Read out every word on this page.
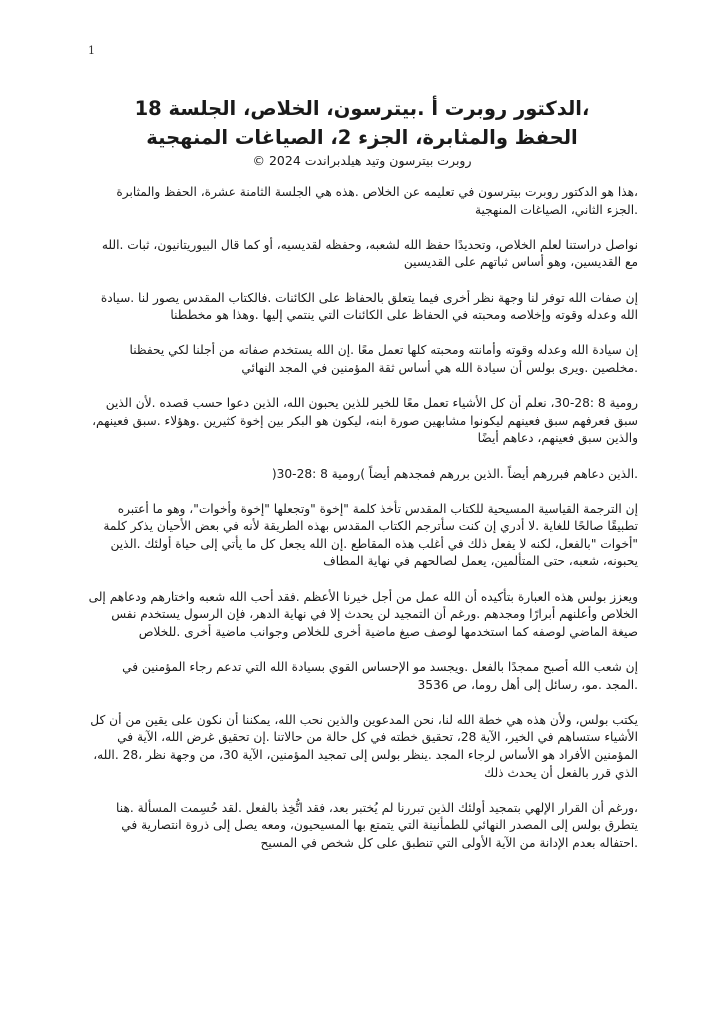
1
،الدكتور روبرت أ .بيترسون، الخلاص، الجلسة 18
الحفظ والمثابرة، الجزء 2، الصياغات المنهجية
روبرت بيترسون وتيد هيلدبراندت 2024 ©

،هذا هو الدكتور روبرت بيترسون في تعليمه عن الخلاص .هذه هي الجلسة الثامنة عشرة، الحفظ والمثابرة .الجزء الثاني، الصياغات المنهجية

نواصل دراستنا لعلم الخلاص، وتحديدًا حفظ الله لشعبه، وحفظه لقديسيه، أو كما قال البيوريتانيون، ثبات .الله مع القديسين، وهو أساس ثباتهم على القديسين

إن صفات الله توفر لنا وجهة نظر أخرى فيما يتعلق بالحفاظ على الكائنات .فالكتاب المقدس يصور لنا .سيادة الله وعدله وقوته وإخلاصه ومحبته في الحفاظ على الكائنات التي ينتمي إليها .وهذا هو مخططنا

إن سيادة الله وعدله وقوته وأمانته ومحبته كلها تعمل معًا .إن الله يستخدم صفاته من أجلنا لكي يحفظنا .مخلصين .ويرى بولس أن سيادة الله هي أساس ثقة المؤمنين في المجد النهائي

رومية 8 :28-30، نعلم أن كل الأشياء تعمل معًا للخير للذين يحبون الله، الذين دعوا حسب قصده .لأن الذين سبق فعرفهم سبق فعينهم ليكونوا مشابهين صورة ابنه، ليكون هو البكر بين إخوة كثيرين .وهؤلاء .سبق فعينهم، والذين سبق فعينهم، دعاهم أيضًا

.الذين دعاهم فبررهم أيضاً .الذين بررهم فمجدهم أيضاً )رومية 8 :28-30(

إن الترجمة القياسية المسيحية للكتاب المقدس تأخذ كلمة "إخوة "وتجعلها "إخوة وأخوات"، وهو ما أعتبره تطبيقًا صالحًا للغاية .لا أدري إن كنت سأترجم الكتاب المقدس بهذه الطريقة لأنه في بعض الأحيان يذكر كلمة "أخوات "بالفعل، لكنه لا يفعل ذلك في أغلب هذه المقاطع .إن الله يجعل كل ما يأتي إلى حياة أولئك .الذين يحبونه، شعبه، حتى المتألمين، يعمل لصالحهم في نهاية المطاف

ويعزز بولس هذه العبارة بتأكيده أن الله عمل من أجل خيرنا الأعظم .فقد أحب الله شعبه واختارهم ودعاهم إلى الخلاص وأعلنهم أبرارًا ومجدهم .ورغم أن التمجيد لن يحدث إلا في نهاية الدهر، فإن الرسول يستخدم نفس صيغة الماضي لوصفه كما استخدمها لوصف صيغ ماضية أخرى للخلاص وجوانب ماضية أخرى .للخلاص

إن شعب الله أصبح ممجدًا بالفعل .ويجسد مو الإحساس القوي بسيادة الله التي تدعم رجاء المؤمنين في .المجد .مو، رسائل إلى أهل روما، ص 3536

يكتب بولس، ولأن هذه هي خطة الله لنا، نحن المدعوين والذين نحب الله، يمكننا أن نكون على يقين من أن كل الأشياء ستساهم في الخير، الآية 28، تحقيق خطته في كل حالة من حالاتنا .إن تحقيق غرض الله، الآية في المؤمنين الأفراد هو الأساس لرجاء المجد .ينظر بولس إلى تمجيد المؤمنين، الآية 30، من وجهة نظر ،28 .الله، الذي قرر بالفعل أن يحدث ذلك

،ورغم أن القرار الإلهي بتمجيد أولئك الذين تبررنا لم يُختبر بعد، فقد اتُّخِذ بالفعل .لقد حُسِمت المسألة .هنا يتطرق بولس إلى المصدر النهائي للطمأنينة التي يتمتع بها المسيحيون، ومعه يصل إلى ذروة انتصارية في .احتفاله بعدم الإدانة من الآية الأولى التي تنطبق على كل شخص في المسيح
